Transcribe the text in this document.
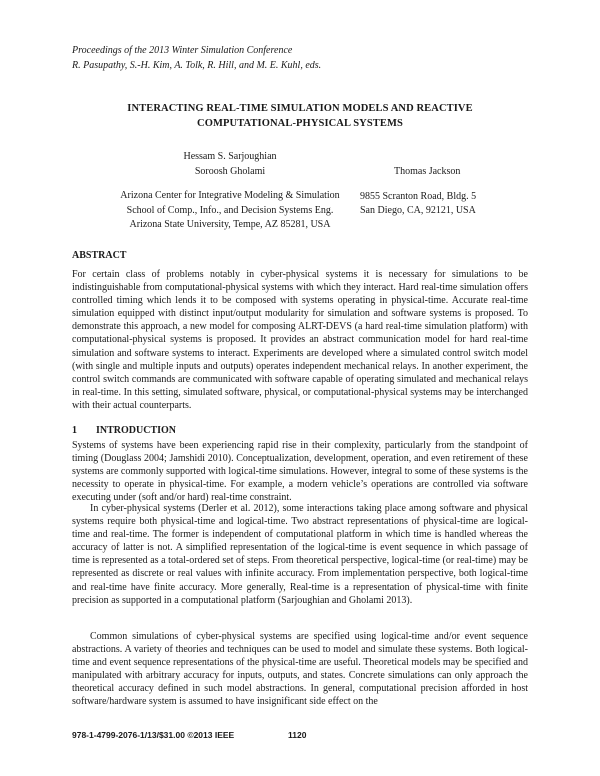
Proceedings of the 2013 Winter Simulation Conference
R. Pasupathy, S.-H. Kim, A. Tolk, R. Hill, and M. E. Kuhl, eds.
INTERACTING REAL-TIME SIMULATION MODELS AND REACTIVE
COMPUTATIONAL-PHYSICAL SYSTEMS
Hessam S. Sarjoughian
Soroosh Gholami
Arizona Center for Integrative Modeling & Simulation
School of Comp., Info., and Decision Systems Eng.
Arizona State University, Tempe, AZ 85281, USA
Thomas Jackson
9855 Scranton Road, Bldg. 5
San Diego, CA, 92121, USA
ABSTRACT

For certain class of problems notably in cyber-physical systems it is necessary for simulations to be indistinguishable from computational-physical systems with which they interact. Hard real-time simulation offers controlled timing which lends it to be composed with systems operating in physical-time. Accurate real-time simulation equipped with distinct input/output modularity for simulation and software systems is proposed. To demonstrate this approach, a new model for composing ALRT-DEVS (a hard real-time simulation platform) with computational-physical systems is proposed. It provides an abstract communication model for hard real-time simulation and software systems to interact. Experiments are developed where a simulated control switch model (with single and multiple inputs and outputs) operates independent mechanical relays. In another experiment, the control switch commands are communicated with software capable of operating simulated and mechanical relays in real-time. In this setting, simulated software, physical, or computational-physical systems may be interchanged with their actual counterparts.

1 INTRODUCTION

Systems of systems have been experiencing rapid rise in their complexity, particularly from the standpoint of timing (Douglass 2004; Jamshidi 2010). Conceptualization, development, operation, and even retirement of these systems are commonly supported with logical-time simulations. However, integral to some of these systems is the necessity to operate in physical-time. For example, a modern vehicle’s operations are controlled via software executing under (soft and/or hard) real-time constraint.

In cyber-physical systems (Derler et al. 2012), some interactions taking place among software and physical systems require both physical-time and logical-time. Two abstract representations of physical-time are logical-time and real-time. The former is independent of computational platform in which time is handled whereas the accuracy of latter is not. A simplified representation of the logical-time is event sequence in which passage of time is represented as a total-ordered set of steps. From theoretical perspective, logical-time (or real-time) may be represented as discrete or real values with infinite accuracy. From implementation perspective, both logical-time and real-time have finite accuracy. More generally, Real-time is a representation of physical-time with finite precision as supported in a computational platform (Sarjoughian and Gholami 2013).

Common simulations of cyber-physical systems are specified using logical-time and/or event sequence abstractions. A variety of theories and techniques can be used to model and simulate these systems. Both logical-time and event sequence representations of the physical-time are useful. Theoretical models may be specified and manipulated with arbitrary accuracy for inputs, outputs, and states. Concrete simulations can only approach the theoretical accuracy defined in such model abstractions. In general, computational precision afforded in host software/hardware system is assumed to have insignificant side effect on the

978-1-4799-2076-1/13/$31.00 ©2013 IEEE	1120
